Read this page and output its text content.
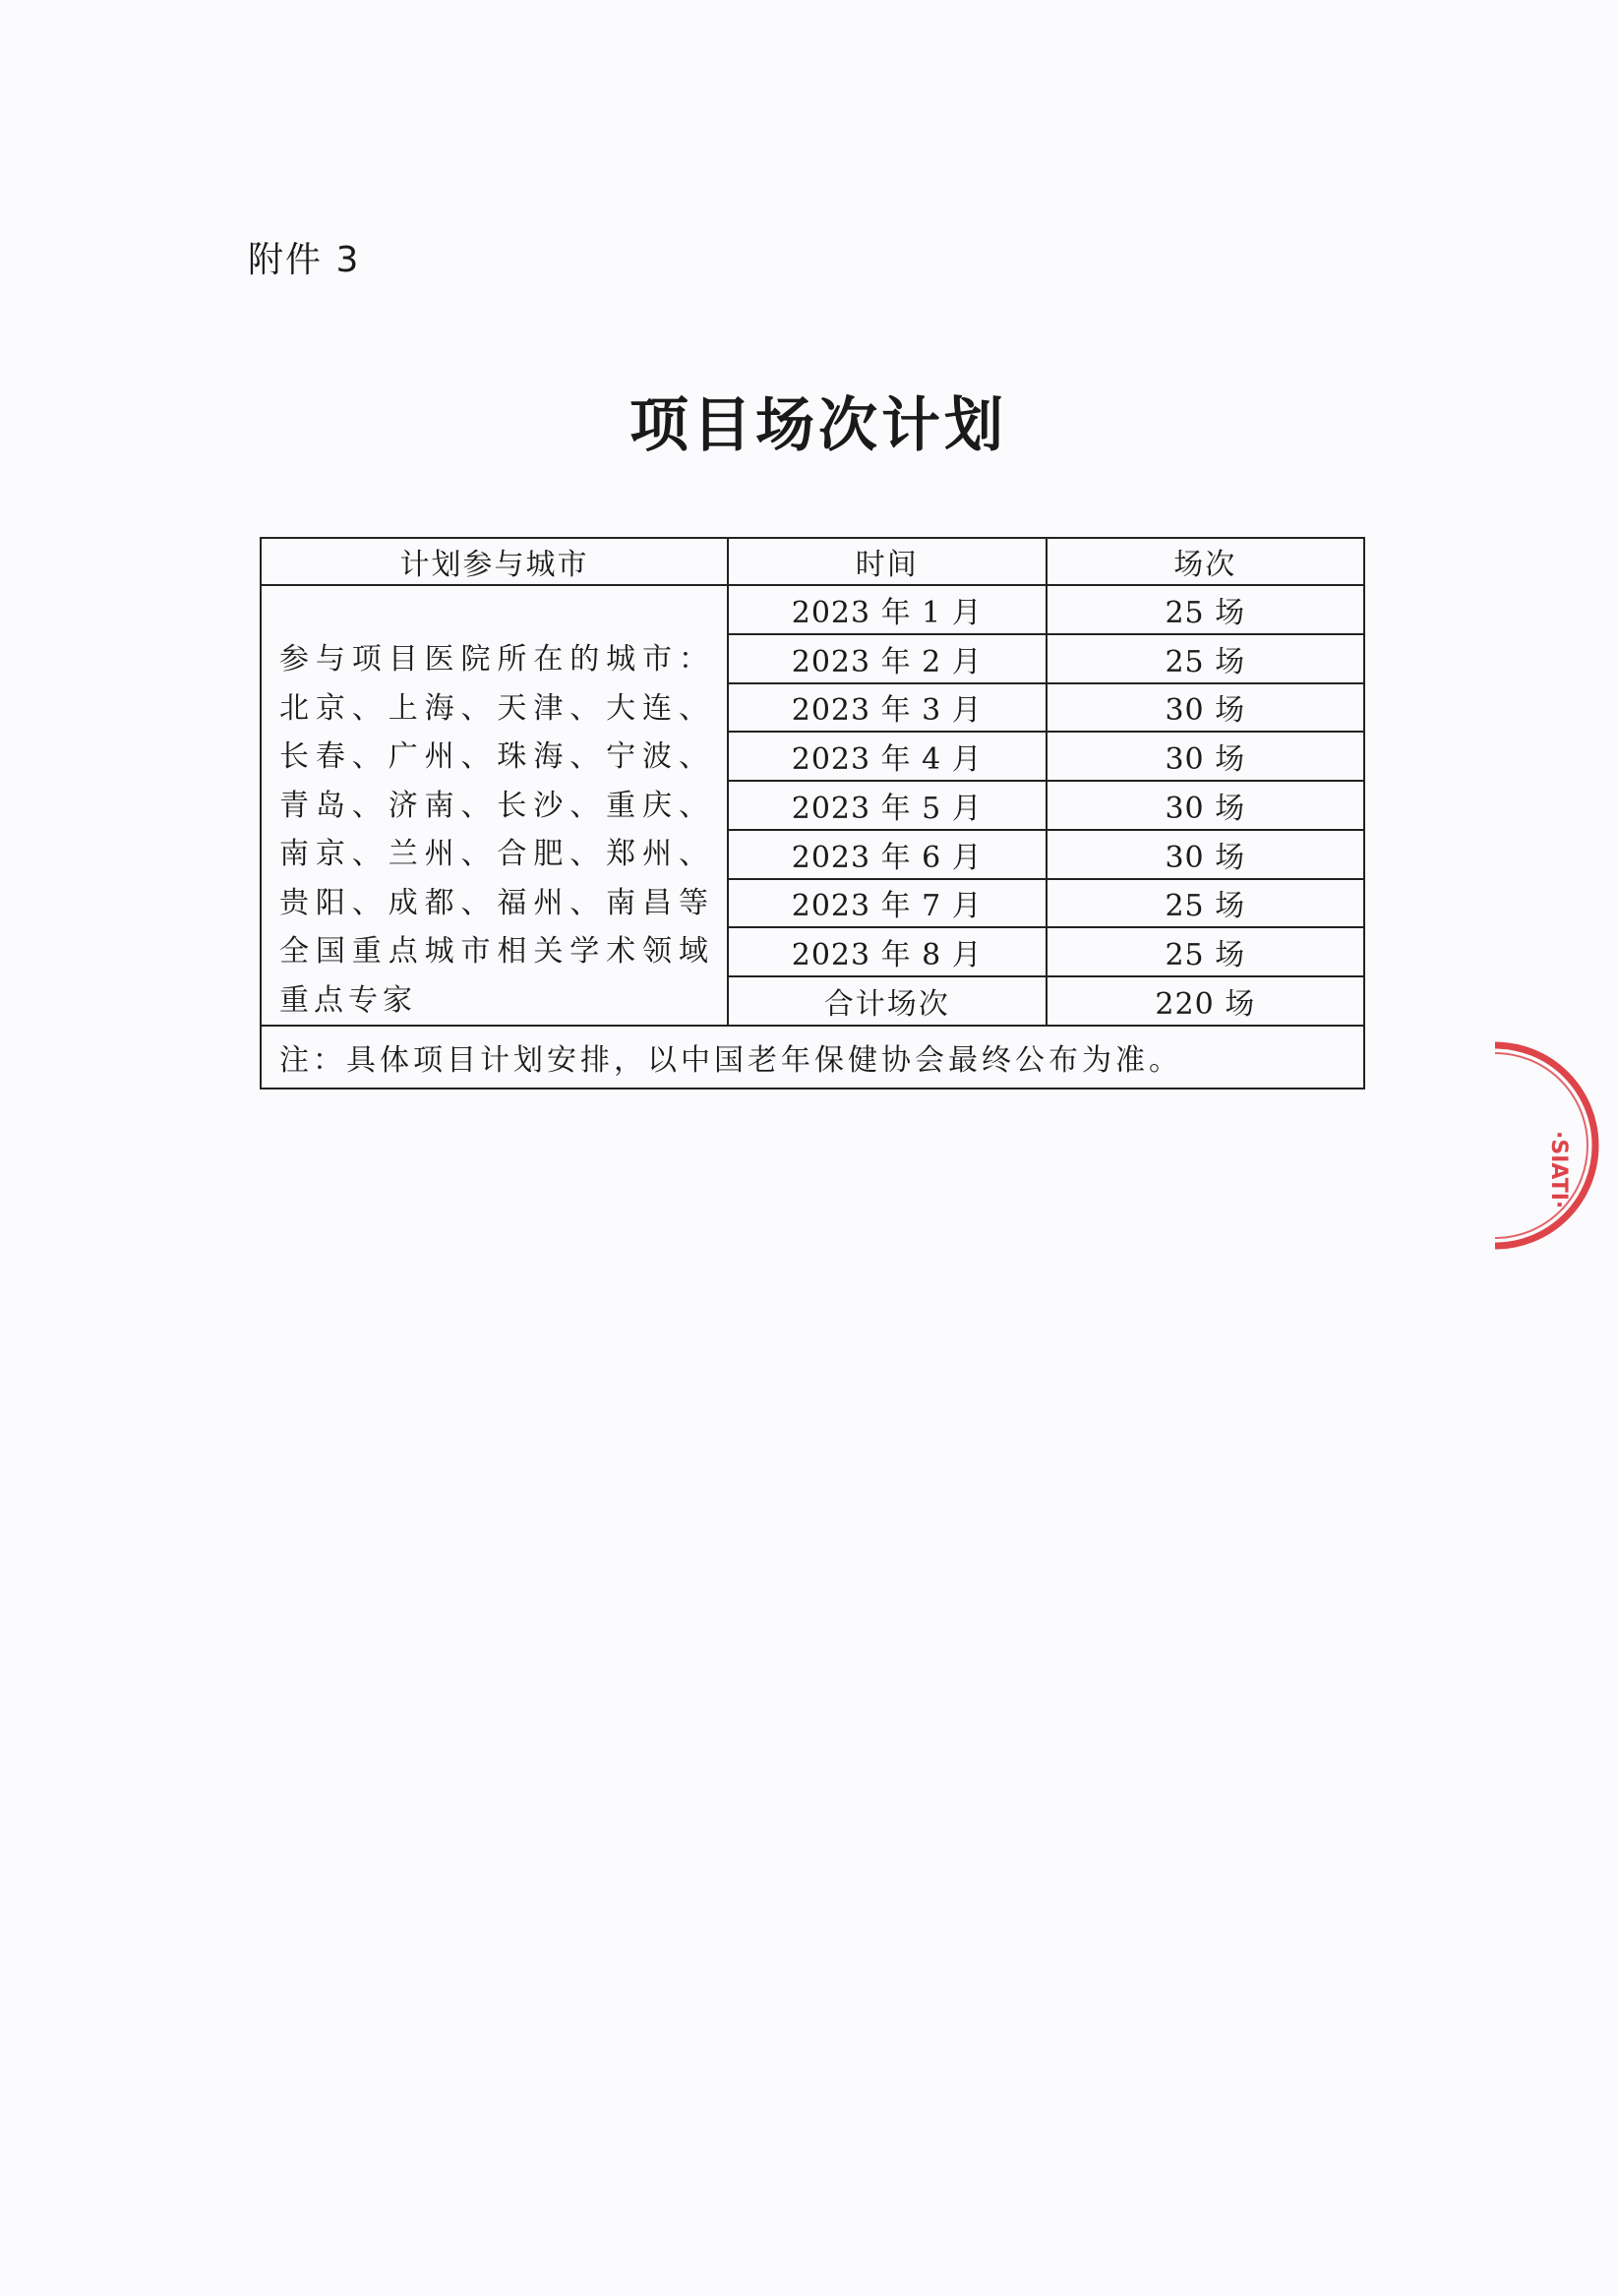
附件 3
项目场次计划
计划参与城市	时间	场次
参与项目医院所在的城市：北京、上海、天津、大连、长春、广州、珠海、宁波、青岛、济南、长沙、重庆、南京、兰州、合肥、郑州、贵阳、成都、福州、南昌等全国重点城市相关学术领域重点专家	2023 年 1 月	25 场
	2023 年 2 月	25 场
	2023 年 3 月	30 场
	2023 年 4 月	30 场
	2023 年 5 月	30 场
	2023 年 6 月	30 场
	2023 年 7 月	25 场
	2023 年 8 月	25 场
	合计场次	220 场
注：具体项目计划安排，以中国老年保健协会最终公布为准。		
·SIATI·
